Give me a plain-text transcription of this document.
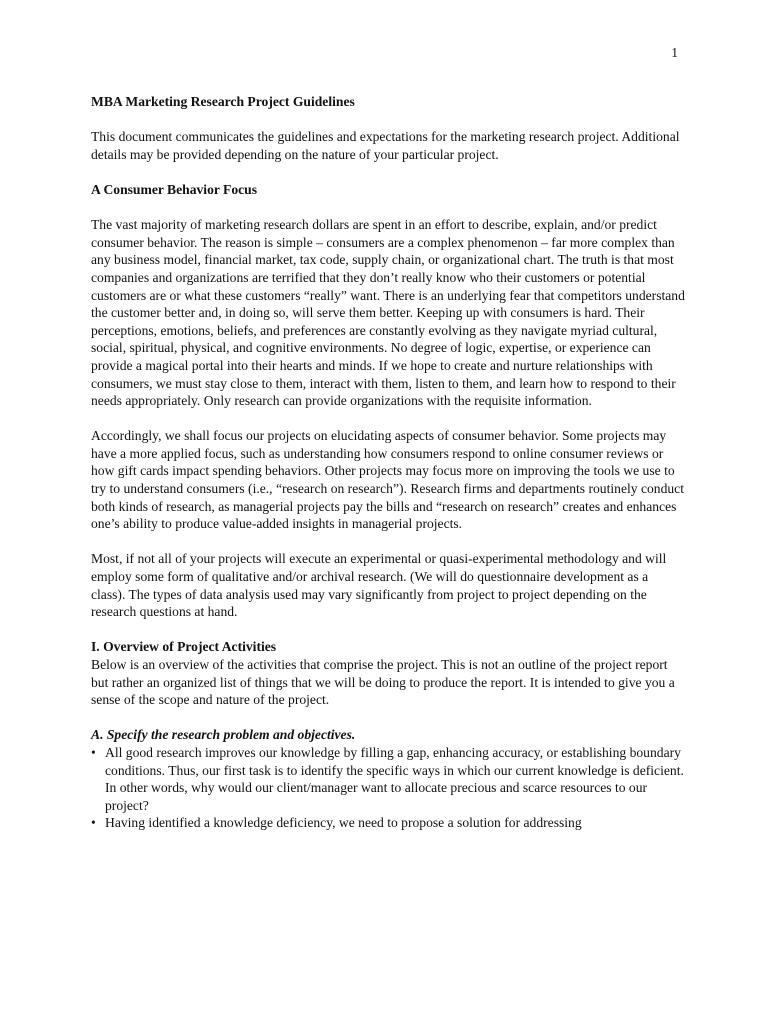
1

MBA Marketing Research Project Guidelines

This document communicates the guidelines and expectations for the marketing research project. Additional details may be provided depending on the nature of your particular project.

A Consumer Behavior Focus

The vast majority of marketing research dollars are spent in an effort to describe, explain, and/or predict consumer behavior. The reason is simple – consumers are a complex phenomenon – far more complex than any business model, financial market, tax code, supply chain, or organizational chart. The truth is that most companies and organizations are terrified that they don’t really know who their customers or potential customers are or what these customers “really” want. There is an underlying fear that competitors understand the customer better and, in doing so, will serve them better. Keeping up with consumers is hard. Their perceptions, emotions, beliefs, and preferences are constantly evolving as they navigate myriad cultural, social, spiritual, physical, and cognitive environments. No degree of logic, expertise, or experience can provide a magical portal into their hearts and minds. If we hope to create and nurture relationships with consumers, we must stay close to them, interact with them, listen to them, and learn how to respond to their needs appropriately. Only research can provide organizations with the requisite information.

Accordingly, we shall focus our projects on elucidating aspects of consumer behavior. Some projects may have a more applied focus, such as understanding how consumers respond to online consumer reviews or how gift cards impact spending behaviors. Other projects may focus more on improving the tools we use to try to understand consumers (i.e., “research on research”). Research firms and departments routinely conduct both kinds of research, as managerial projects pay the bills and “research on research” creates and enhances one’s ability to produce value-added insights in managerial projects.

Most, if not all of your projects will execute an experimental or quasi-experimental methodology and will employ some form of qualitative and/or archival research. (We will do questionnaire development as a class). The types of data analysis used may vary significantly from project to project depending on the research questions at hand.

I. Overview of Project Activities

Below is an overview of the activities that comprise the project. This is not an outline of the project report but rather an organized list of things that we will be doing to produce the report. It is intended to give you a sense of the scope and nature of the project.

A. Specify the research problem and objectives.

• All good research improves our knowledge by filling a gap, enhancing accuracy, or establishing boundary conditions. Thus, our first task is to identify the specific ways in which our current knowledge is deficient. In other words, why would our client/manager want to allocate precious and scarce resources to our project?

• Having identified a knowledge deficiency, we need to propose a solution for addressing
